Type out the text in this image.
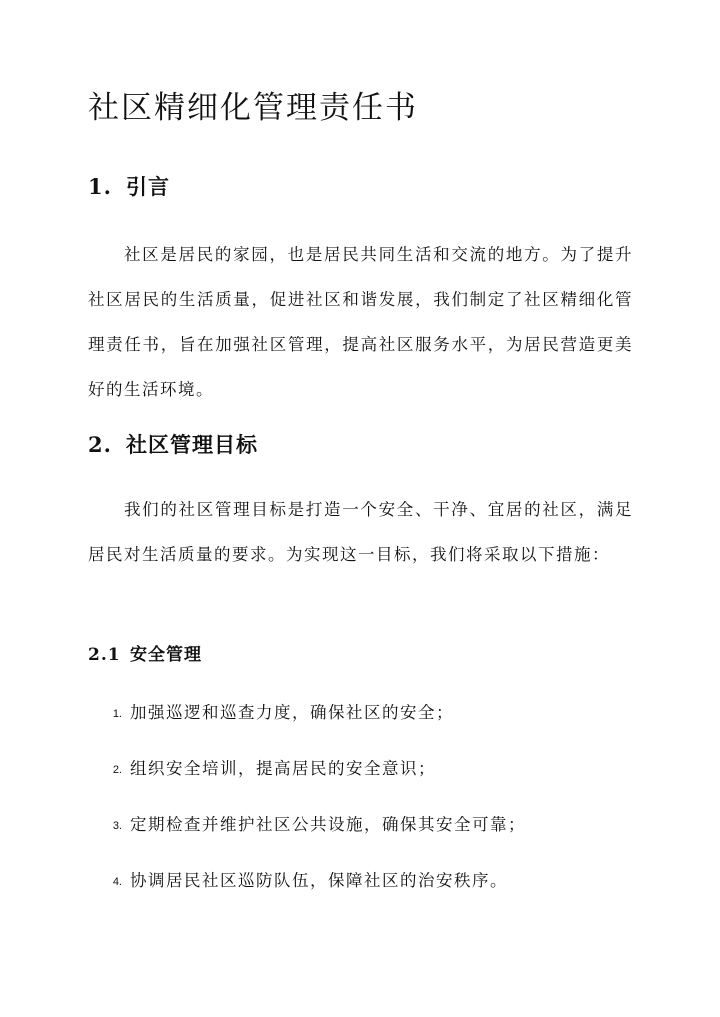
社区精细化管理责任书
1. 引言

社区是居民的家园，也是居民共同生活和交流的地方。为了提升社区居民的生活质量，促进社区和谐发展，我们制定了社区精细化管理责任书，旨在加强社区管理，提高社区服务水平，为居民营造更美好的生活环境。

2. 社区管理目标

我们的社区管理目标是打造一个安全、干净、宜居的社区，满足居民对生活质量的要求。为实现这一目标，我们将采取以下措施：

2.1 安全管理
1. 加强巡逻和巡查力度，确保社区的安全；
2. 组织安全培训，提高居民的安全意识；
3. 定期检查并维护社区公共设施，确保其安全可靠；
4. 协调居民社区巡防队伍，保障社区的治安秩序。
